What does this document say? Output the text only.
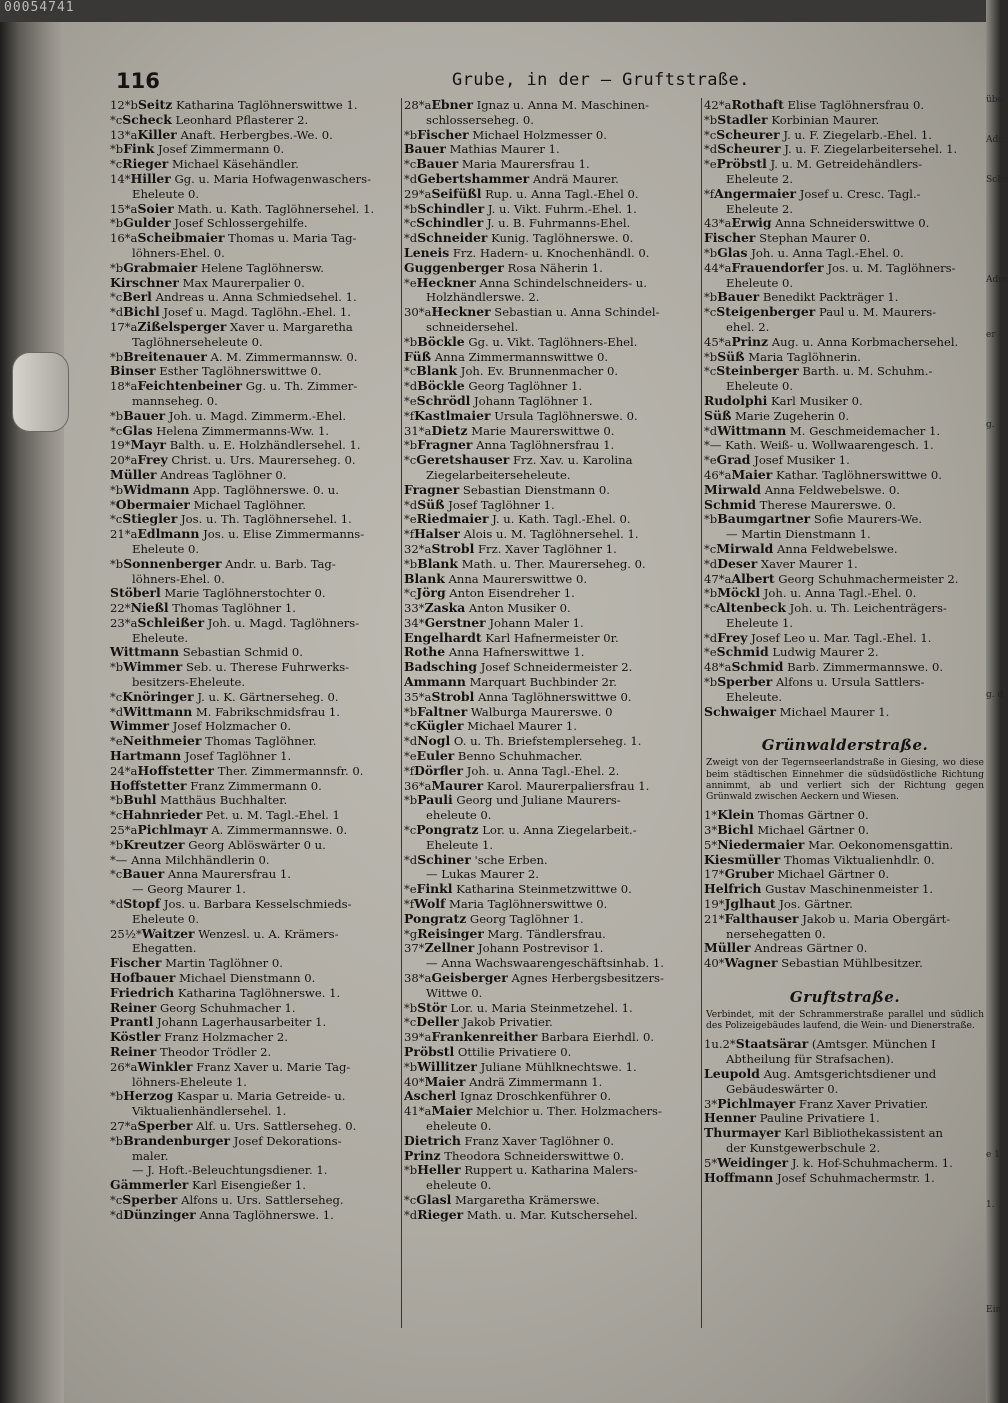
00054741
übe.
Adr.
Sche
Adre
er
g.
g. d
e 1.
1.
Ein
116	Grube, in der — Gruftstraße.
12*bSeitz Katharina Taglöhnerswittwe 1.
*cScheck Leonhard Pflasterer 2.
13*aKiller Anaft. Herbergbes.-We. 0.
*bFink Josef Zimmermann 0.
*cRieger Michael Käsehändler.
14*Hiller Gg. u. Maria Hofwagenwaschers-
Eheleute 0.
15*aSoier Math. u. Kath. Taglöhnersehel. 1.
*bGulder Josef Schlossergehilfe.
16*aScheibmaier Thomas u. Maria Tag-
löhners-Ehel. 0.
*bGrabmaier Helene Taglöhnersw.
Kirschner Max Maurerpalier 0.
*cBerl Andreas u. Anna Schmiedsehel. 1.
*dBichl Josef u. Magd. Taglöhn.-Ehel. 1.
17*aZißelsperger Xaver u. Margaretha
Taglöhnerseheleute 0.
*bBreitenauer A. M. Zimmermannsw. 0.
Binser Esther Taglöhnerswittwe 0.
18*aFeichtenbeiner Gg. u. Th. Zimmer-
mannseheg. 0.
*bBauer Joh. u. Magd. Zimmerm.-Ehel.
*cGlas Helena Zimmermanns-Ww. 1.
19*Mayr Balth. u. E. Holzhändlersehel. 1.
20*aFrey Christ. u. Urs. Maurerseheg. 0.
Müller Andreas Taglöhner 0.
*bWidmann App. Taglöhnerswe. 0. u.
*Obermaier Michael Taglöhner.
*cStiegler Jos. u. Th. Taglöhnersehel. 1.
21*aEdlmann Jos. u. Elise Zimmermanns-
Eheleute 0.
*bSonnenberger Andr. u. Barb. Tag-
löhners-Ehel. 0.
Stöberl Marie Taglöhnerstochter 0.
22*Nießl Thomas Taglöhner 1.
23*aSchleißer Joh. u. Magd. Taglöhners-
Eheleute.
Wittmann Sebastian Schmid 0.
*bWimmer Seb. u. Therese Fuhrwerks-
besitzers-Eheleute.
*cKnöringer J. u. K. Gärtnerseheg. 0.
*dWittmann M. Fabrikschmidsfrau 1.
Wimmer Josef Holzmacher 0.
*eNeithmeier Thomas Taglöhner.
Hartmann Josef Taglöhner 1.
24*aHoffstetter Ther. Zimmermannsfr. 0.
Hoffstetter Franz Zimmermann 0.
*bBuhl Matthäus Buchhalter.
*cHahnrieder Pet. u. M. Tagl.-Ehel. 1
25*aPichlmayr A. Zimmermannswe. 0.
*bKreutzer Georg Ablöswärter 0 u.
*— Anna Milchhändlerin 0.
*cBauer Anna Maurersfrau 1.
— Georg Maurer 1.
*dStopf Jos. u. Barbara Kesselschmieds-
Eheleute 0.
25½*Waitzer Wenzesl. u. A. Krämers-
Ehegatten.
Fischer Martin Taglöhner 0.
Hofbauer Michael Dienstmann 0.
Friedrich Katharina Taglöhnerswe. 1.
Reiner Georg Schuhmacher 1.
Prantl Johann Lagerhausarbeiter 1.
Köstler Franz Holzmacher 2.
Reiner Theodor Trödler 2.
26*aWinkler Franz Xaver u. Marie Tag-
löhners-Eheleute 1.
*bHerzog Kaspar u. Maria Getreide- u.
Viktualienhändlersehel. 1.
27*aSperber Alf. u. Urs. Sattlerseheg. 0.
*bBrandenburger Josef Dekorations-
maler.
— J. Hoft.-Beleuchtungsdiener. 1.
Gämmerler Karl Eisengießer 1.
*cSperber Alfons u. Urs. Sattlerseheg.
*dDünzinger Anna Taglöhnerswe. 1.
28*aEbner Ignaz u. Anna M. Maschinen-
schlosserseheg. 0.
*bFischer Michael Holzmesser 0.
Bauer Mathias Maurer 1.
*cBauer Maria Maurersfrau 1.
*dGebertshammer Andrä Maurer.
29*aSeifüßl Rup. u. Anna Tagl.-Ehel 0.
*bSchindler J. u. Vikt. Fuhrm.-Ehel. 1.
*cSchindler J. u. B. Fuhrmanns-Ehel.
*dSchneider Kunig. Taglöhnerswe. 0.
Leneis Frz. Hadern- u. Knochenhändl. 0.
Guggenberger Rosa Näherin 1.
*eHeckner Anna Schindelschneiders- u.
Holzhändlerswe. 2.
30*aHeckner Sebastian u. Anna Schindel-
schneidersehel.
*bBöckle Gg. u. Vikt. Taglöhners-Ehel.
Füß Anna Zimmermannswittwe 0.
*cBlank Joh. Ev. Brunnenmacher 0.
*dBöckle Georg Taglöhner 1.
*eSchrödl Johann Taglöhner 1.
*fKastlmaier Ursula Taglöhnerswe. 0.
31*aDietz Marie Maurerswittwe 0.
*bFragner Anna Taglöhnersfrau 1.
*cGeretshauser Frz. Xav. u. Karolina
Ziegelarbeiterseheleute.
Fragner Sebastian Dienstmann 0.
*dSüß Josef Taglöhner 1.
*eRiedmaier J. u. Kath. Tagl.-Ehel. 0.
*fHalser Alois u. M. Taglöhnersehel. 1.
32*aStrobl Frz. Xaver Taglöhner 1.
*bBlank Math. u. Ther. Maurerseheg. 0.
Blank Anna Maurerswittwe 0.
*cJörg Anton Eisendreher 1.
33*Zaska Anton Musiker 0.
34*Gerstner Johann Maler 1.
Engelhardt Karl Hafnermeister 0r.
Rothe Anna Hafnerswittwe 1.
Badsching Josef Schneidermeister 2.
Ammann Marquart Buchbinder 2r.
35*aStrobl Anna Taglöhnerswittwe 0.
*bFaltner Walburga Maurerswe. 0
*cKügler Michael Maurer 1.
*dNogl O. u. Th. Briefstemplerseheg. 1.
*eEuler Benno Schuhmacher.
*fDörfler Joh. u. Anna Tagl.-Ehel. 2.
36*aMaurer Karol. Maurerpaliersfrau 1.
*bPauli Georg und Juliane Maurers-
eheleute 0.
*cPongratz Lor. u. Anna Ziegelarbeit.-
Eheleute 1.
*dSchiner 'sche Erben.
— Lukas Maurer 2.
*eFinkl Katharina Steinmetzwittwe 0.
*fWolf Maria Taglöhnerswittwe 0.
Pongratz Georg Taglöhner 1.
*gReisinger Marg. Tändlersfrau.
37*Zellner Johann Postrevisor 1.
— Anna Wachswaarengeschäftsinhab. 1.
38*aGeisberger Agnes Herbergsbesitzers-
Wittwe 0.
*bStör Lor. u. Maria Steinmetzehel. 1.
*cDeller Jakob Privatier.
39*aFrankenreither Barbara Eierhdl. 0.
Pröbstl Ottilie Privatiere 0.
*bWillitzer Juliane Mühlknechtswe. 1.
40*Maier Andrä Zimmermann 1.
Ascherl Ignaz Droschkenführer 0.
41*aMaier Melchior u. Ther. Holzmachers-
eheleute 0.
Dietrich Franz Xaver Taglöhner 0.
Prinz Theodora Schneiderswittwe 0.
*bHeller Ruppert u. Katharina Malers-
eheleute 0.
*cGlasl Margaretha Krämerswe.
*dRieger Math. u. Mar. Kutschersehel.
42*aRothaft Elise Taglöhnersfrau 0.
*bStadler Korbinian Maurer.
*cScheurer J. u. F. Ziegelarb.-Ehel. 1.
*dScheurer J. u. F. Ziegelarbeitersehel. 1.
*ePröbstl J. u. M. Getreidehändlers-
Eheleute 2.
*fAngermaier Josef u. Cresc. Tagl.-
Eheleute 2.
43*aErwig Anna Schneiderswittwe 0.
Fischer Stephan Maurer 0.
*bGlas Joh. u. Anna Tagl.-Ehel. 0.
44*aFrauendorfer Jos. u. M. Taglöhners-
Eheleute 0.
*bBauer Benedikt Packträger 1.
*cSteigenberger Paul u. M. Maurers-
ehel. 2.
45*aPrinz Aug. u. Anna Korbmachersehel.
*bSüß Maria Taglöhnerin.
*cSteinberger Barth. u. M. Schuhm.-
Eheleute 0.
Rudolphi Karl Musiker 0.
Süß Marie Zugeherin 0.
*dWittmann M. Geschmeidemacher 1.
*— Kath. Weiß- u. Wollwaarengesch. 1.
*eGrad Josef Musiker 1.
46*aMaier Kathar. Taglöhnerswittwe 0.
Mirwald Anna Feldwebelswe. 0.
Schmid Therese Maurerswe. 0.
*bBaumgartner Sofie Maurers-We.
— Martin Dienstmann 1.
*cMirwald Anna Feldwebelswe.
*dDeser Xaver Maurer 1.
47*aAlbert Georg Schuhmachermeister 2.
*bMöckl Joh. u. Anna Tagl.-Ehel. 0.
*cAltenbeck Joh. u. Th. Leichenträgers-
Eheleute 1.
*dFrey Josef Leo u. Mar. Tagl.-Ehel. 1.
*eSchmid Ludwig Maurer 2.
48*aSchmid Barb. Zimmermannswe. 0.
*bSperber Alfons u. Ursula Sattlers-
Eheleute.
Schwaiger Michael Maurer 1.
Grünwalderstraße.
Zweigt von der Tegernseerlandstraße in Giesing, wo diese beim städtischen Einnehmer die südsüdöstliche Richtung annimmt, ab und verliert sich der Richtung gegen Grünwald zwischen Aeckern und Wiesen.
1*Klein Thomas Gärtner 0.
3*Bichl Michael Gärtner 0.
5*Niedermaier Mar. Oekonomensgattin.
Kiesmüller Thomas Viktualienhdlr. 0.
17*Gruber Michael Gärtner 0.
Helfrich Gustav Maschinenmeister 1.
19*Jglhaut Jos. Gärtner.
21*Falthauser Jakob u. Maria Obergärt-
nersehegatten 0.
Müller Andreas Gärtner 0.
40*Wagner Sebastian Mühlbesitzer.
Gruftstraße.
Verbindet, mit der Schrammerstraße parallel und südlich des Polizeigebäudes laufend, die Wein- und Dienerstraße.
1u.2*Staatsärar (Amtsger. München I
Abtheilung für Strafsachen).
Leupold Aug. Amtsgerichtsdiener und
Gebäudeswärter 0.
3*Pichlmayer Franz Xaver Privatier.
Henner Pauline Privatiere 1.
Thurmayer Karl Bibliothekassistent an
der Kunstgewerbschule 2.
5*Weidinger J. k. Hof-Schuhmacherm. 1.
Hoffmann Josef Schuhmachermstr. 1.
